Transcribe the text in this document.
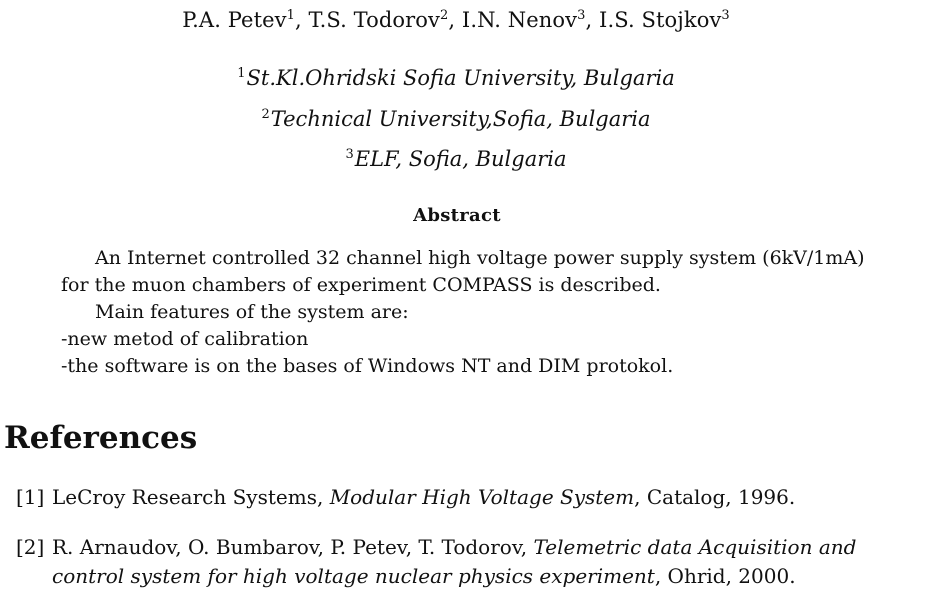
P.A. Petev$^1$, T.S. Todorov$^2$, I.N. Nenov$^3$, I.S. Stojkov$^3$
$^1$St.Kl.Ohridski Sofia University, Bulgaria
$^2$Technical University,Sofia, Bulgaria
$^3$ELF, Sofia, Bulgaria
Abstract
An Internet controlled 32 channel high voltage power supply system (6kV/1mA)
for the muon chambers of experiment COMPASS is described.
Main features of the system are:
-new metod of calibration
-the software is on the bases of Windows NT and DIM protokol.
References
[1] LeCroy Research Systems, Modular High Voltage System, Catalog, 1996.
[2] R. Arnaudov, O. Bumbarov, P. Petev, T. Todorov, Telemetric data Acquisition and
control system for high voltage nuclear physics experiment, Ohrid, 2000.
